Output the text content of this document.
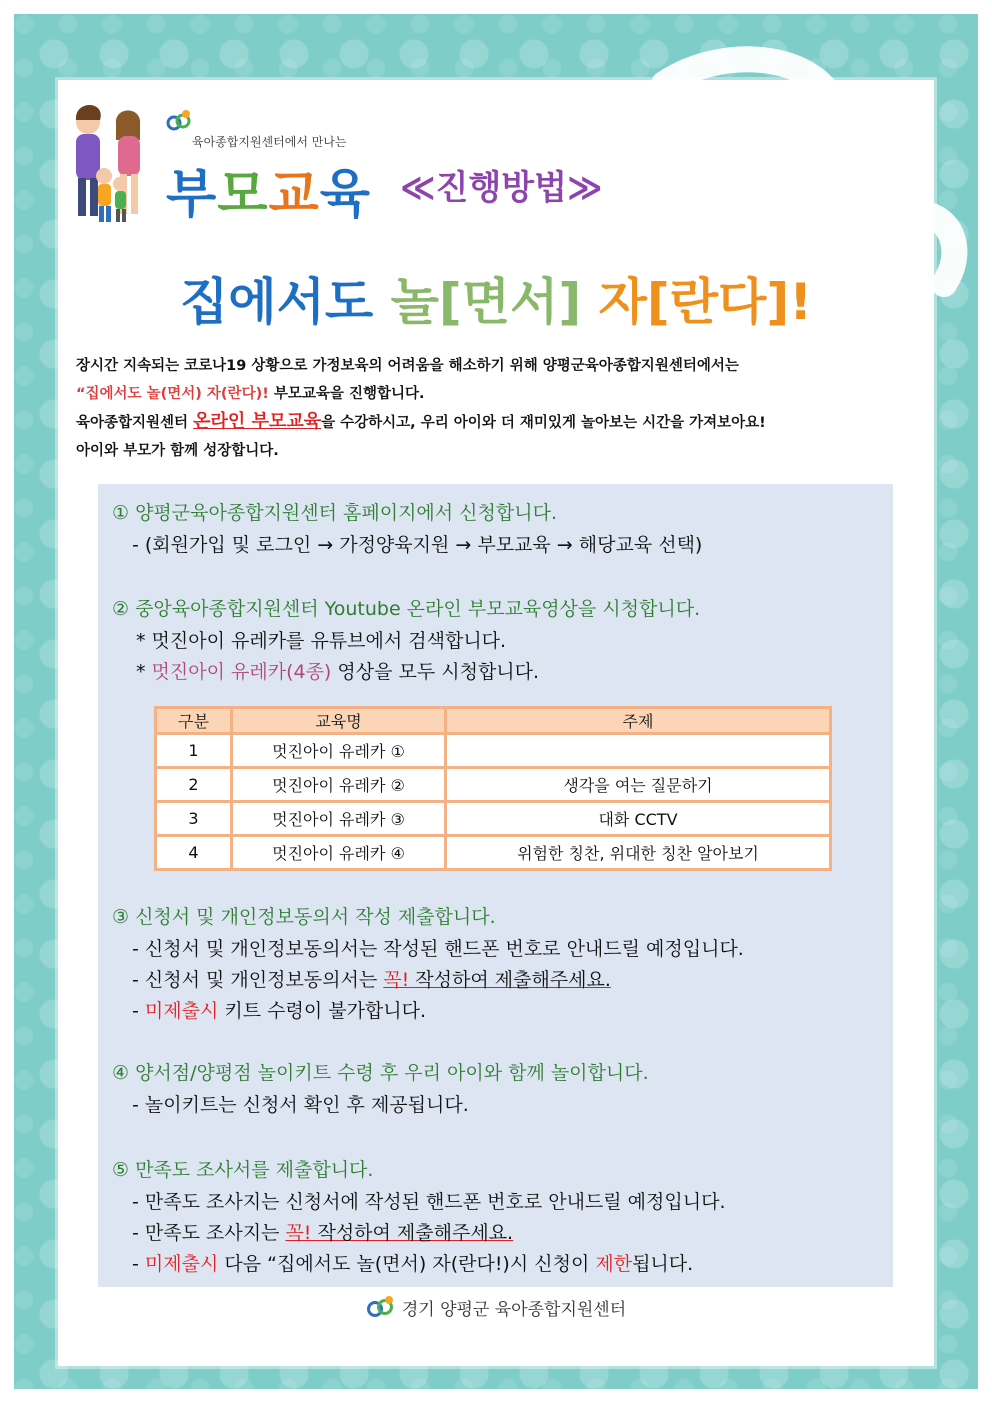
육아종합지원센터에서 만나는
부모교육 ≪진행방법≫
집에서도 놀[면서] 자[란다]!

장시간 지속되는 코로나19 상황으로 가정보육의 어려움을 해소하기 위해 양평군육아종합지원센터에서는

“집에서도 놀(면서) 자(란다)! 부모교육을 진행합니다.

육아종합지원센터 온라인 부모교육을 수강하시고, 우리 아이와 더 재미있게 놀아보는 시간을 가져보아요!

아이와 부모가 함께 성장합니다.

① 양평군육아종합지원센터 홈페이지에서 신청합니다.
- (회원가입 및 로그인 → 가정양육지원 → 부모교육 → 해당교육 선택)
② 중앙육아종합지원센터 Youtube 온라인 부모교육영상을 시청합니다.
* 멋진아이 유레카를 유튜브에서 검색합니다.
* 멋진아이 유레카(4종) 영상을 모두 시청합니다.
구분	교육명	주제
1	멋진아이 유레카 ①	
2	멋진아이 유레카 ②	생각을 여는 질문하기
3	멋진아이 유레카 ③	대화 CCTV
4	멋진아이 유레카 ④	위험한 칭찬, 위대한 칭찬 알아보기
③ 신청서 및 개인정보동의서 작성 제출합니다.
- 신청서 및 개인정보동의서는 작성된 핸드폰 번호로 안내드릴 예정입니다.
- 신청서 및 개인정보동의서는 꼭! 작성하여 제출해주세요.
- 미제출시 키트 수령이 불가합니다.
④ 양서점/양평점 놀이키트 수령 후 우리 아이와 함께 놀이합니다.
- 놀이키트는 신청서 확인 후 제공됩니다.
⑤ 만족도 조사서를 제출합니다.
- 만족도 조사지는 신청서에 작성된 핸드폰 번호로 안내드릴 예정입니다.
- 만족도 조사지는 꼭! 작성하여 제출해주세요.
- 미제출시 다음 “집에서도 놀(면서) 자(란다!)시 신청이 제한됩니다.
경기 양평군 육아종합지원센터
